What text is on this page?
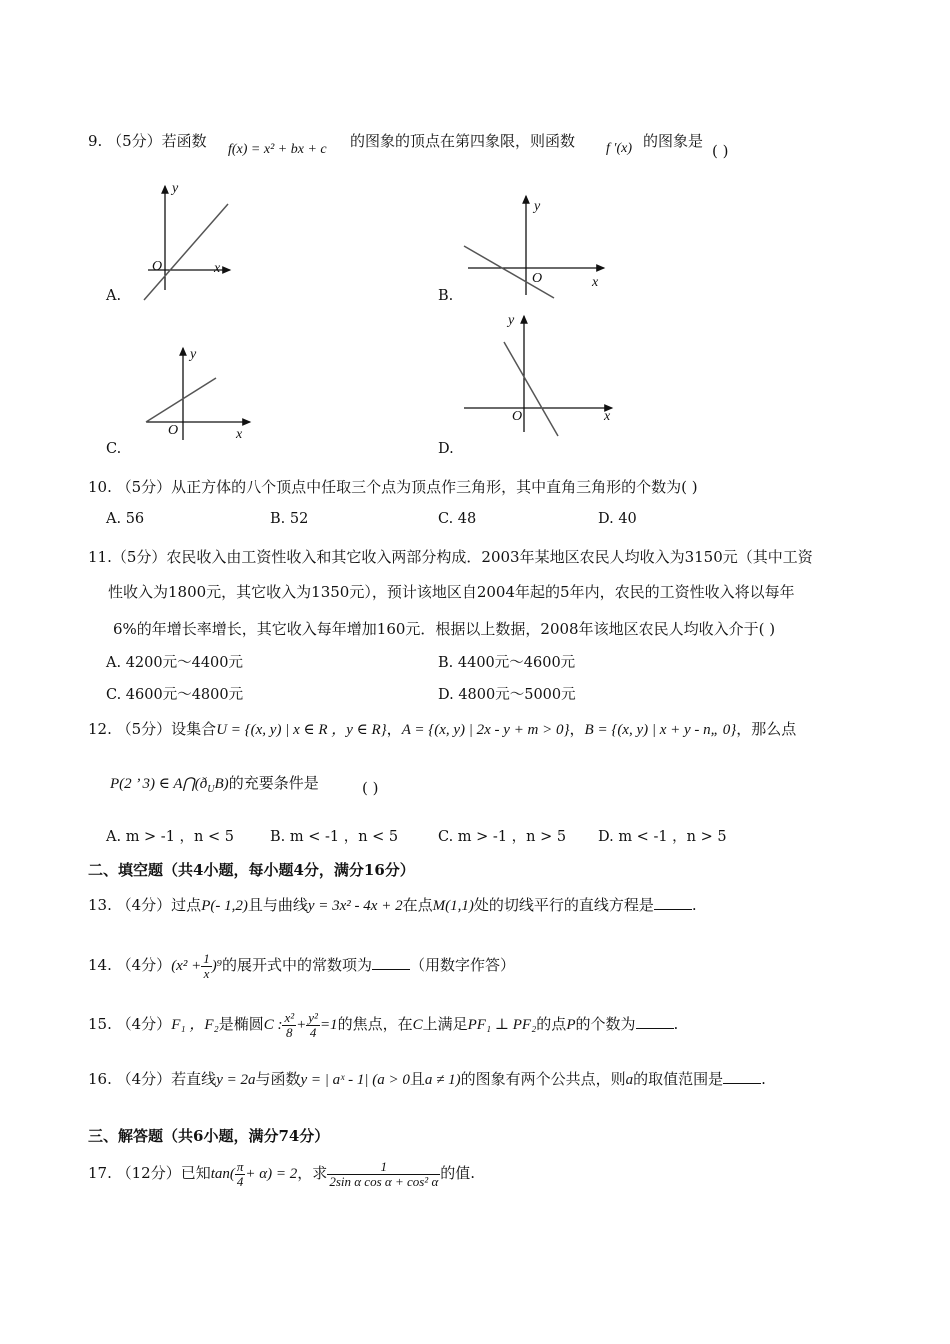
9. （5分）若函数 f(x) = x² + bx + c 的图象的顶点在第四象限，则函数 f ′(x) 的图象是
( )
y
x
O
A.
y
x
O
B.
y
x
O
C.
y
x
O
D.
10. （5分）从正方体的八个顶点中任取三个点为顶点作三角形，其中直角三角形的个数为( )
A. 56	B. 52	C. 48	D. 40
11.（5分）农民收入由工资性收入和其它收入两部分构成．2003年某地区农民人均收入为3150元（其中工资
性收入为1800元，其它收入为1350元），预计该地区自2004年起的5年内，农民的工资性收入将以每年
6%的年增长率增长，其它收入每年增加160元．根据以上数据，2008年该地区农民人均收入介于( )
A. 4200元～4400元	B. 4400元～4600元
C. 4600元～4800元	D. 4800元～5000元
12. （5分）设集合U = {(x, y) | x ∈ R ，y ∈ R}，A = {(x, y) | 2x - y + m > 0}，B = {(x, y) | x + y - n„ 0}，那么点
P(2 ’ 3) ∈ $A⋂(ð_UB)$的充要条件是	( )
A. m > -1 ，n < 5 B. m < -1 ，n < 5	C. m > -1 ，n > 5 D. m < -1 ，n > 5
二、填空题（共4小题，每小题4分，满分16分）
13. （4分）过点P(- 1,2)且与曲线y = 3x² - 4x + 2在点M(1,1)处的切线平行的直线方程是	.
14. （4分）$(x^2 + \frac{1}{x} )^9$的展开式中的常数项为	（用数字作答）
15. （4分）F₁ ，F₂是椭圆C : $\frac{\text{x²}}{8} + \frac{\text{y²}}{4} =1$的焦点，在C上满足PF₁ ⊥ PF₂的点P的个数为	.
16. （4分）若直线y = 2a与函数y = | aˣ - 1| (a > 0且a ≠ 1)的图象有两个公共点，则a的取值范围是	.
三、解答题（共6小题，满分74分）
17. （12分）已知$\tan( \frac{\pi}{4} + \alpha) = 2$，求 $\frac{1}{\text{2sin α cos α + cos² α}}$ 的值.
